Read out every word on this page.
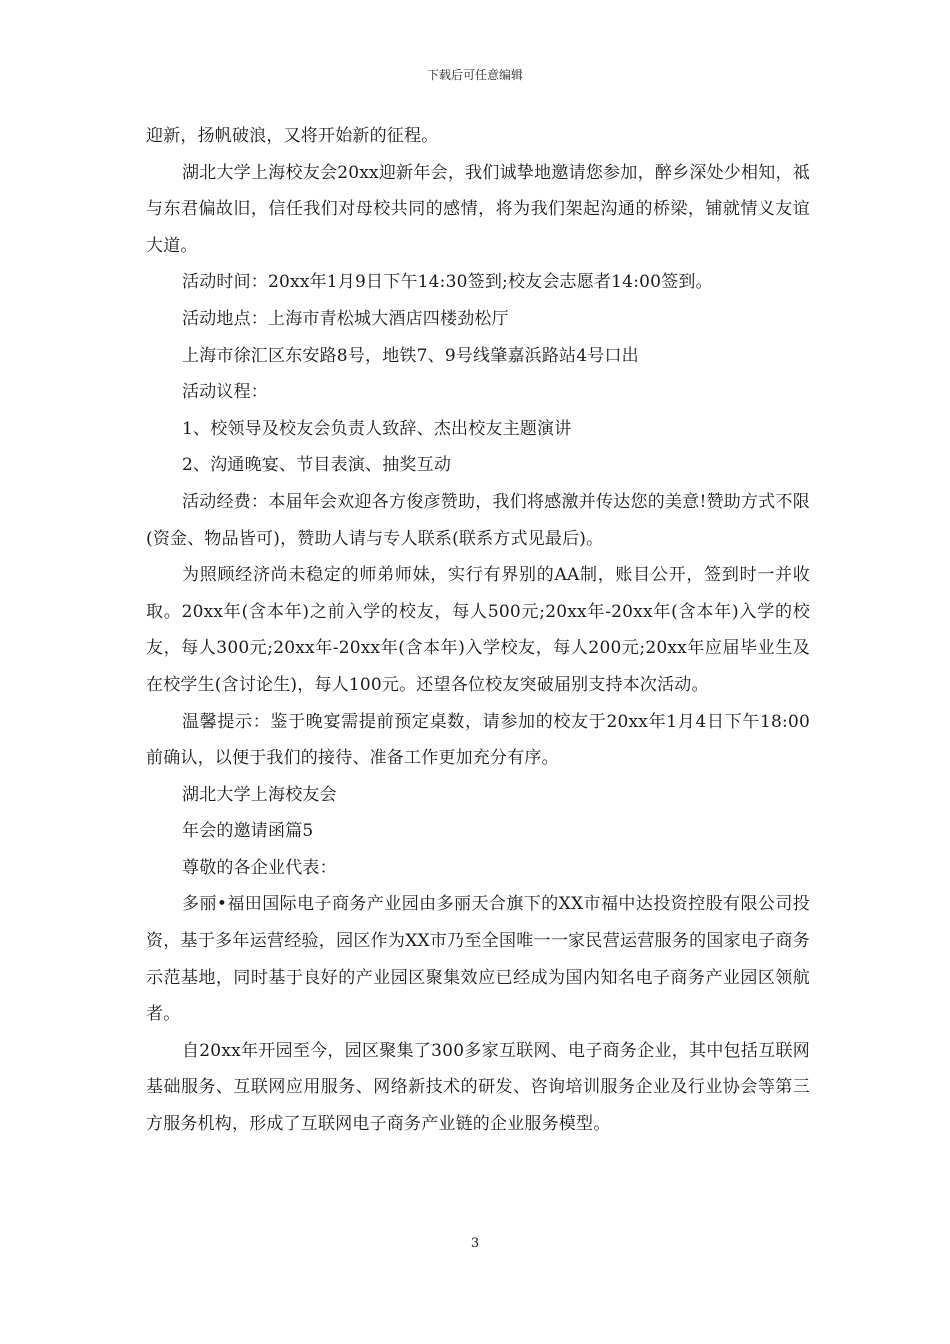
下载后可任意编辑

迎新，扬帆破浪，又将开始新的征程。

湖北大学上海校友会20xx迎新年会，我们诚挚地邀请您参加，醉乡深处少相知，祗与东君偏故旧，信任我们对母校共同的感情，将为我们架起沟通的桥梁，铺就情义友谊大道。

活动时间：20xx年1月9日下午14:30签到;校友会志愿者14:00签到。

活动地点：上海市青松城大酒店四楼劲松厅

上海市徐汇区东安路8号，地铁7、9号线肇嘉浜路站4号口出

活动议程：

1、校领导及校友会负责人致辞、杰出校友主题演讲

2、沟通晚宴、节目表演、抽奖互动

活动经费：本届年会欢迎各方俊彦赞助，我们将感激并传达您的美意!赞助方式不限(资金、物品皆可)，赞助人请与专人联系(联系方式见最后)。

为照顾经济尚未稳定的师弟师妹，实行有界别的AA制，账目公开，签到时一并收取。20xx年(含本年)之前入学的校友，每人500元;20xx年-20xx年(含本年)入学的校友，每人300元;20xx年-20xx年(含本年)入学校友，每人200元;20xx年应届毕业生及在校学生(含讨论生)，每人100元。还望各位校友突破届别支持本次活动。

温馨提示：鉴于晚宴需提前预定桌数，请参加的校友于20xx年1月4日下午18:00前确认，以便于我们的接待、准备工作更加充分有序。

湖北大学上海校友会

年会的邀请函篇5

尊敬的各企业代表：

多丽•福田国际电子商务产业园由多丽天合旗下的XX市福中达投资控股有限公司投资，基于多年运营经验，园区作为XX市乃至全国唯一一家民营运营服务的国家电子商务示范基地，同时基于良好的产业园区聚集效应已经成为国内知名电子商务产业园区领航者。

自20xx年开园至今，园区聚集了300多家互联网、电子商务企业，其中包括互联网基础服务、互联网应用服务、网络新技术的研发、咨询培训服务企业及行业协会等第三方服务机构，形成了互联网电子商务产业链的企业服务模型。

3
